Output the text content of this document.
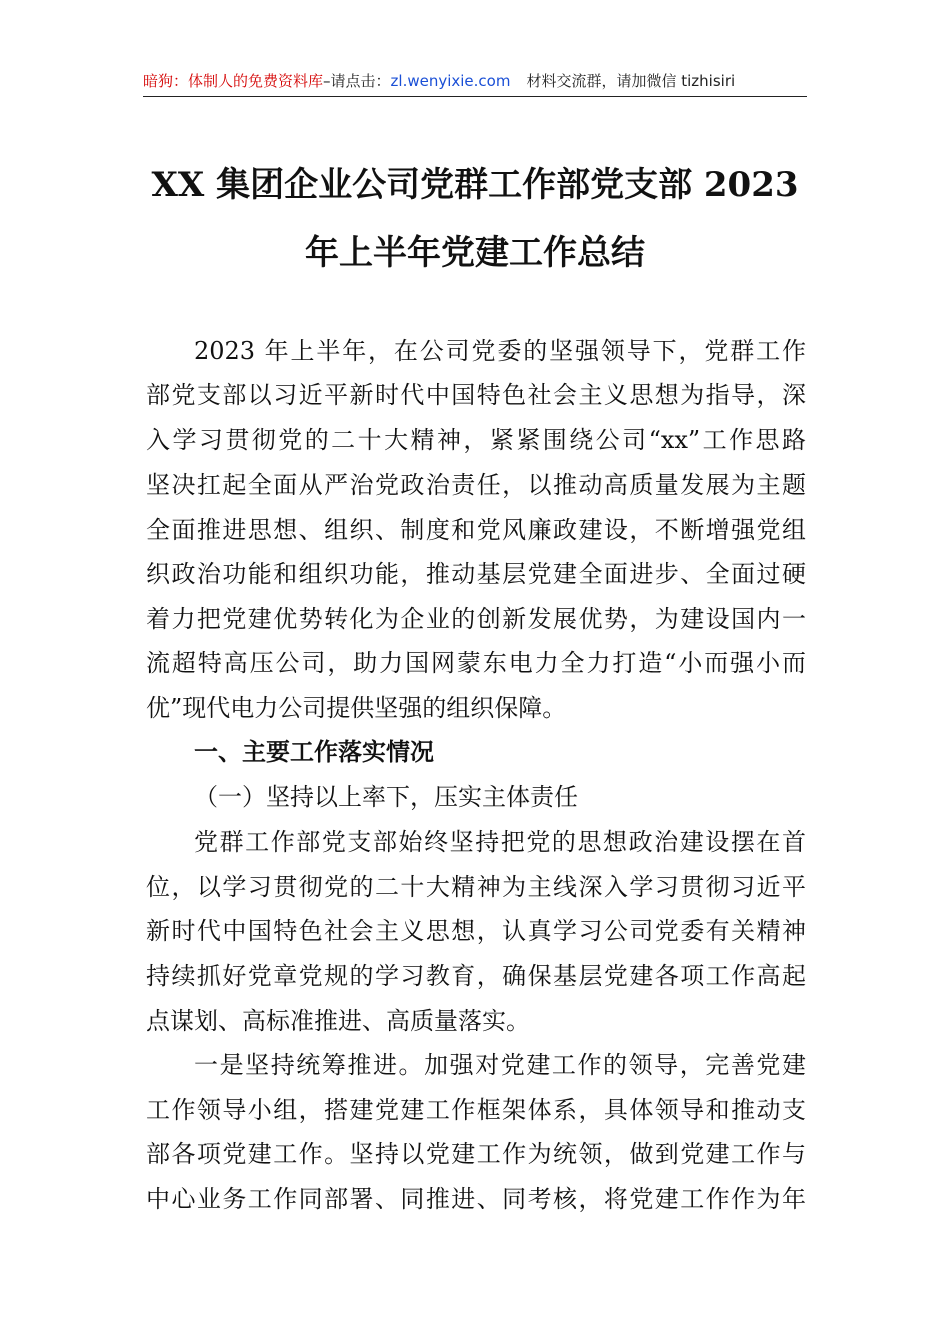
暗狗：体制人的免费资料库–请点击：zl.wenyixie.com 材料交流群，请加微信 tizhisiri
XX 集团企业公司党群工作部党支部 2023
年上半年党建工作总结
2023 年上半年，在公司党委的坚强领导下，党群工作
部党支部以习近平新时代中国特色社会主义思想为指导，深
入学习贯彻党的二十大精神，紧紧围绕公司“xx”工作思路
坚决扛起全面从严治党政治责任，以推动高质量发展为主题
全面推进思想、组织、制度和党风廉政建设，不断增强党组
织政治功能和组织功能，推动基层党建全面进步、全面过硬
着力把党建优势转化为企业的创新发展优势，为建设国内一
流超特高压公司，助力国网蒙东电力全力打造“小而强小而
优”现代电力公司提供坚强的组织保障。
一、主要工作落实情况
（一）坚持以上率下，压实主体责任
党群工作部党支部始终坚持把党的思想政治建设摆在首
位，以学习贯彻党的二十大精神为主线深入学习贯彻习近平
新时代中国特色社会主义思想，认真学习公司党委有关精神
持续抓好党章党规的学习教育，确保基层党建各项工作高起
点谋划、高标准推进、高质量落实。
一是坚持统筹推进。加强对党建工作的领导，完善党建
工作领导小组，搭建党建工作框架体系，具体领导和推动支
部各项党建工作。坚持以党建工作为统领，做到党建工作与
中心业务工作同部署、同推进、同考核，将党建工作作为年
